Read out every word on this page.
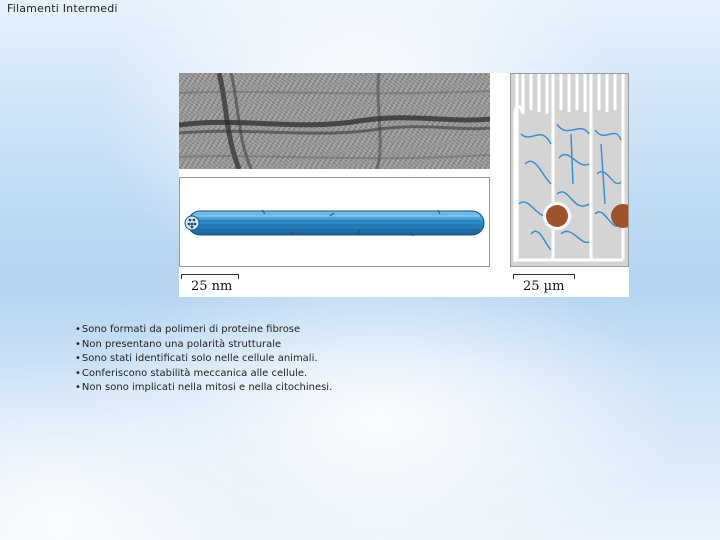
Filamenti Intermedi
25 nm	25 µm
• Sono formati da polimeri di proteine fibrose
• Non presentano una polarità strutturale
• Sono stati identificati solo nelle cellule animali.
• Conferiscono stabilità meccanica alle cellule.
• Non sono implicati nella mitosi e nella citochinesi.
